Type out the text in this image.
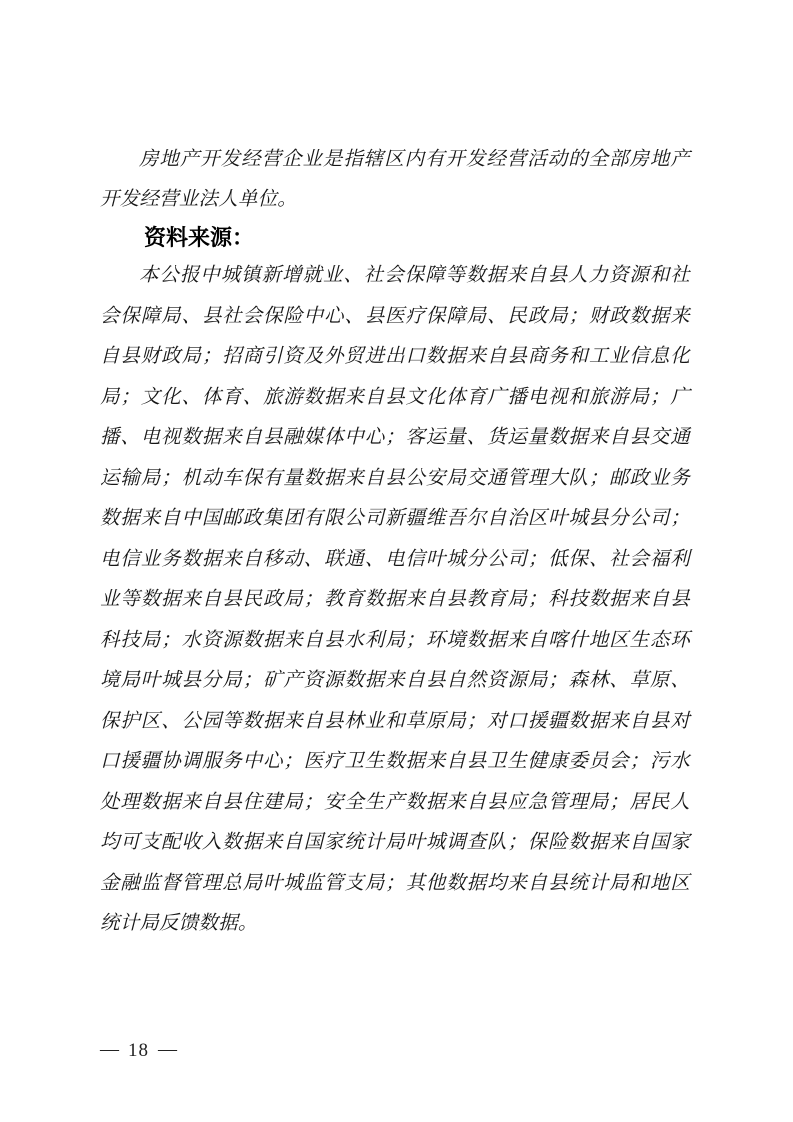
房地产开发经营企业是指辖区内有开发经营活动的全部房地产开发经营业法人单位。

资料来源：

本公报中城镇新增就业、社会保障等数据来自县人力资源和社会保障局、县社会保险中心、县医疗保障局、民政局；财政数据来自县财政局；招商引资及外贸进出口数据来自县商务和工业信息化局；文化、体育、旅游数据来自县文化体育广播电视和旅游局；广播、电视数据来自县融媒体中心；客运量、货运量数据来自县交通运输局；机动车保有量数据来自县公安局交通管理大队；邮政业务数据来自中国邮政集团有限公司新疆维吾尔自治区叶城县分公司；电信业务数据来自移动、联通、电信叶城分公司；低保、社会福利业等数据来自县民政局；教育数据来自县教育局；科技数据来自县科技局；水资源数据来自县水利局；环境数据来自喀什地区生态环境局叶城县分局；矿产资源数据来自县自然资源局；森林、草原、保护区、公园等数据来自县林业和草原局；对口援疆数据来自县对口援疆协调服务中心；医疗卫生数据来自县卫生健康委员会；污水处理数据来自县住建局；安全生产数据来自县应急管理局；居民人均可支配收入数据来自国家统计局叶城调查队；保险数据来自国家金融监督管理总局叶城监管支局；其他数据均来自县统计局和地区统计局反馈数据。

— 18 —
